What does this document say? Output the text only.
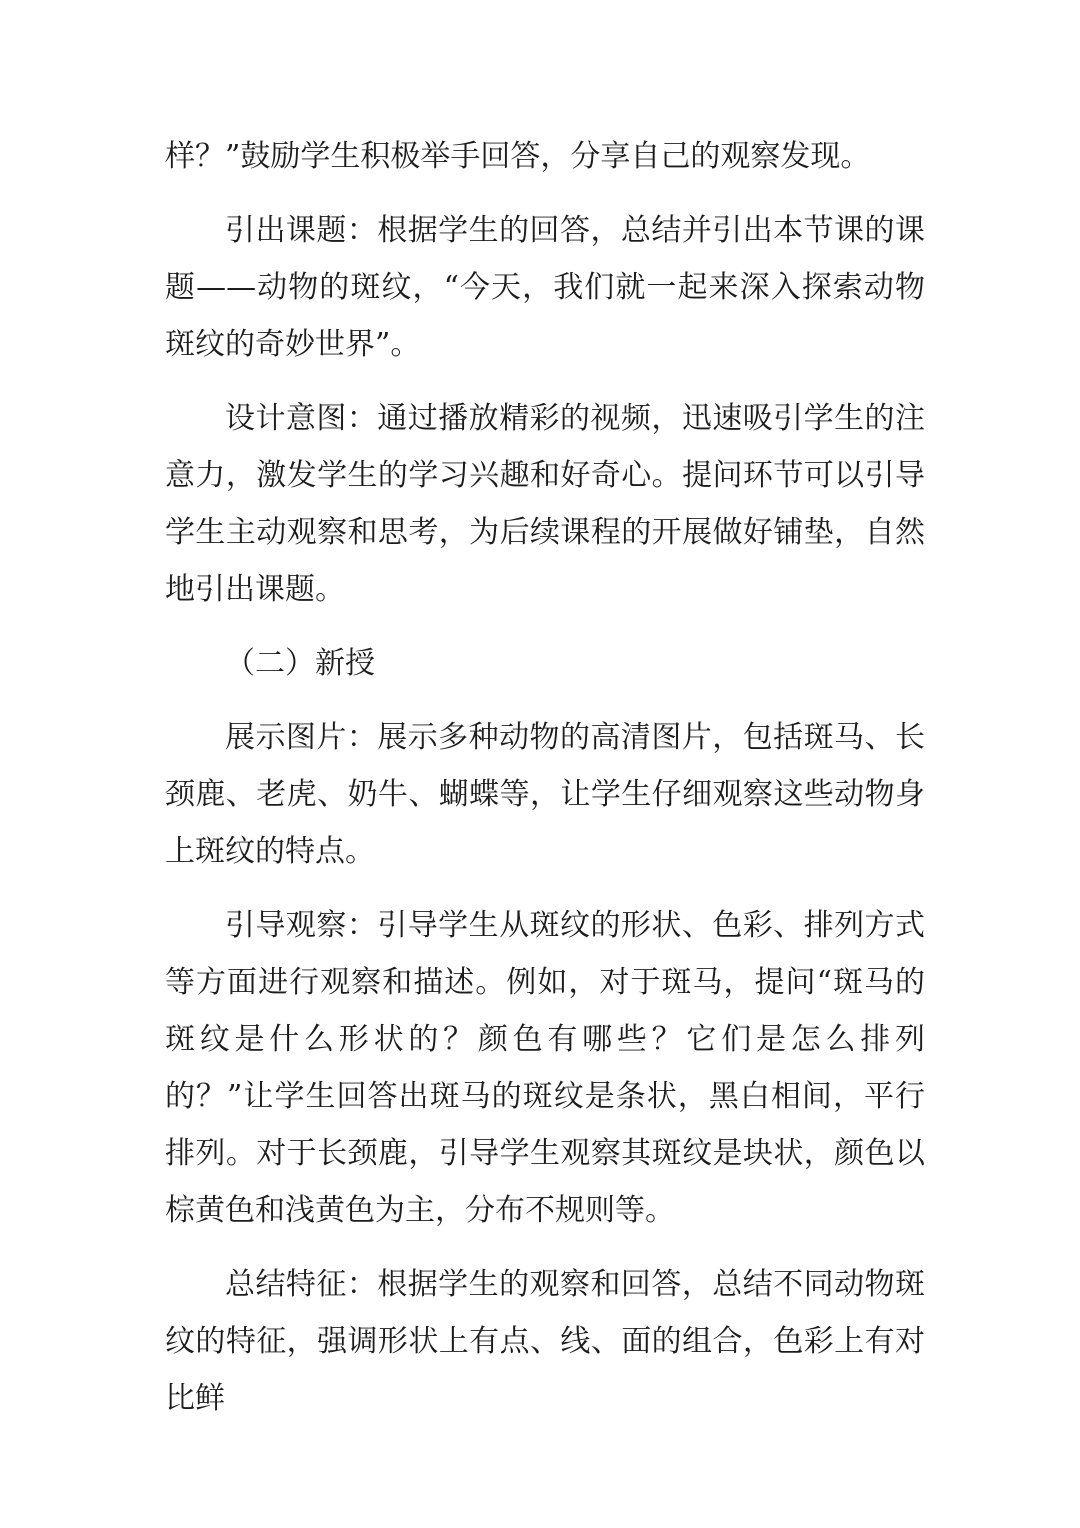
样？”鼓励学生积极举手回答，分享自己的观察发现。

引出课题：根据学生的回答，总结并引出本节课的课题——动物的斑纹，“今天，我们就一起来深入探索动物斑纹的奇妙世界”。

设计意图：通过播放精彩的视频，迅速吸引学生的注意力，激发学生的学习兴趣和好奇心。提问环节可以引导学生主动观察和思考，为后续课程的开展做好铺垫，自然地引出课题。

（二）新授

展示图片：展示多种动物的高清图片，包括斑马、长颈鹿、老虎、奶牛、蝴蝶等，让学生仔细观察这些动物身上斑纹的特点。

引导观察：引导学生从斑纹的形状、色彩、排列方式等方面进行观察和描述。例如，对于斑马，提问“斑马的斑纹是什么形状的？颜色有哪些？它们是怎么排列的？”让学生回答出斑马的斑纹是条状，黑白相间，平行排列。对于长颈鹿，引导学生观察其斑纹是块状，颜色以棕黄色和浅黄色为主，分布不规则等。

总结特征：根据学生的观察和回答，总结不同动物斑纹的特征，强调形状上有点、线、面的组合，色彩上有对比鲜
